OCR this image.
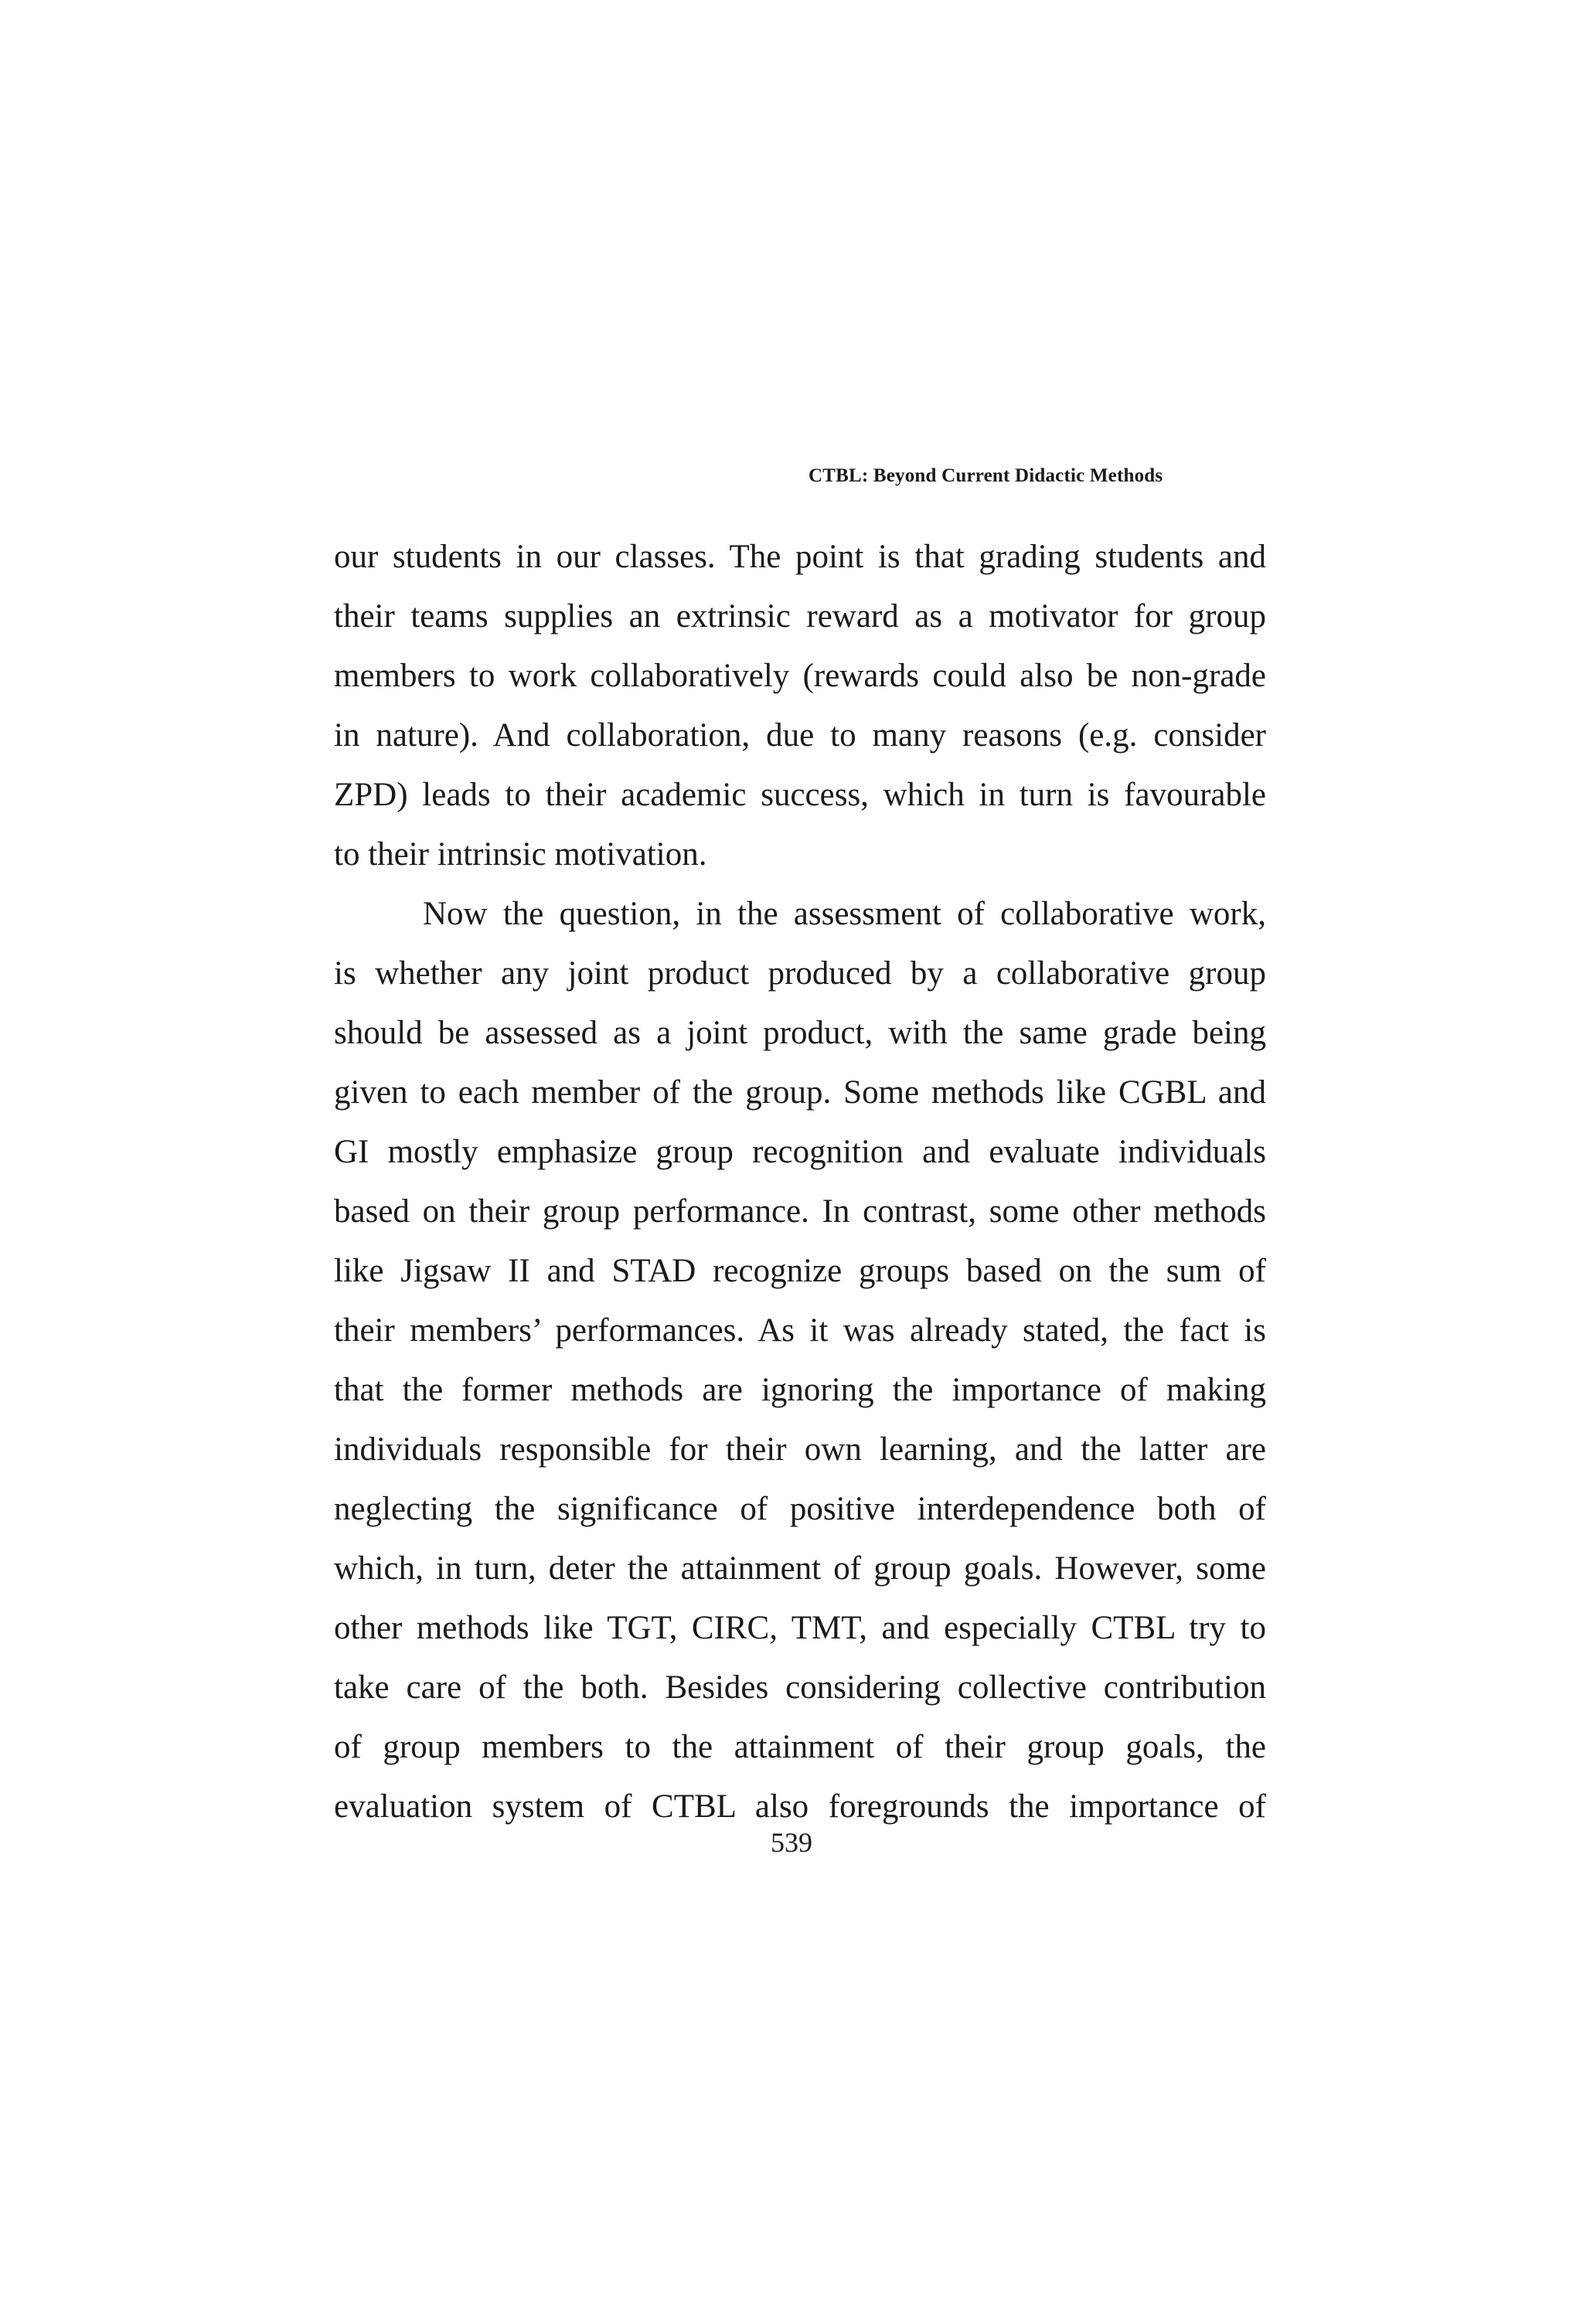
CTBL: Beyond Current Didactic Methods
our students in our classes. The point is that grading students and
their teams supplies an extrinsic reward as a motivator for group
members to work collaboratively (rewards could also be non-grade
in nature). And collaboration, due to many reasons (e.g. consider
ZPD) leads to their academic success, which in turn is favourable
to their intrinsic motivation.
Now the question, in the assessment of collaborative work,
is whether any joint product produced by a collaborative group
should be assessed as a joint product, with the same grade being
given to each member of the group. Some methods like CGBL and
GI mostly emphasize group recognition and evaluate individuals
based on their group performance. In contrast, some other methods
like Jigsaw II and STAD recognize groups based on the sum of
their members’ performances. As it was already stated, the fact is
that the former methods are ignoring the importance of making
individuals responsible for their own learning, and the latter are
neglecting the significance of positive interdependence both of
which, in turn, deter the attainment of group goals. However, some
other methods like TGT, CIRC, TMT, and especially CTBL try to
take care of the both. Besides considering collective contribution
of group members to the attainment of their group goals, the
evaluation system of CTBL also foregrounds the importance of
539
